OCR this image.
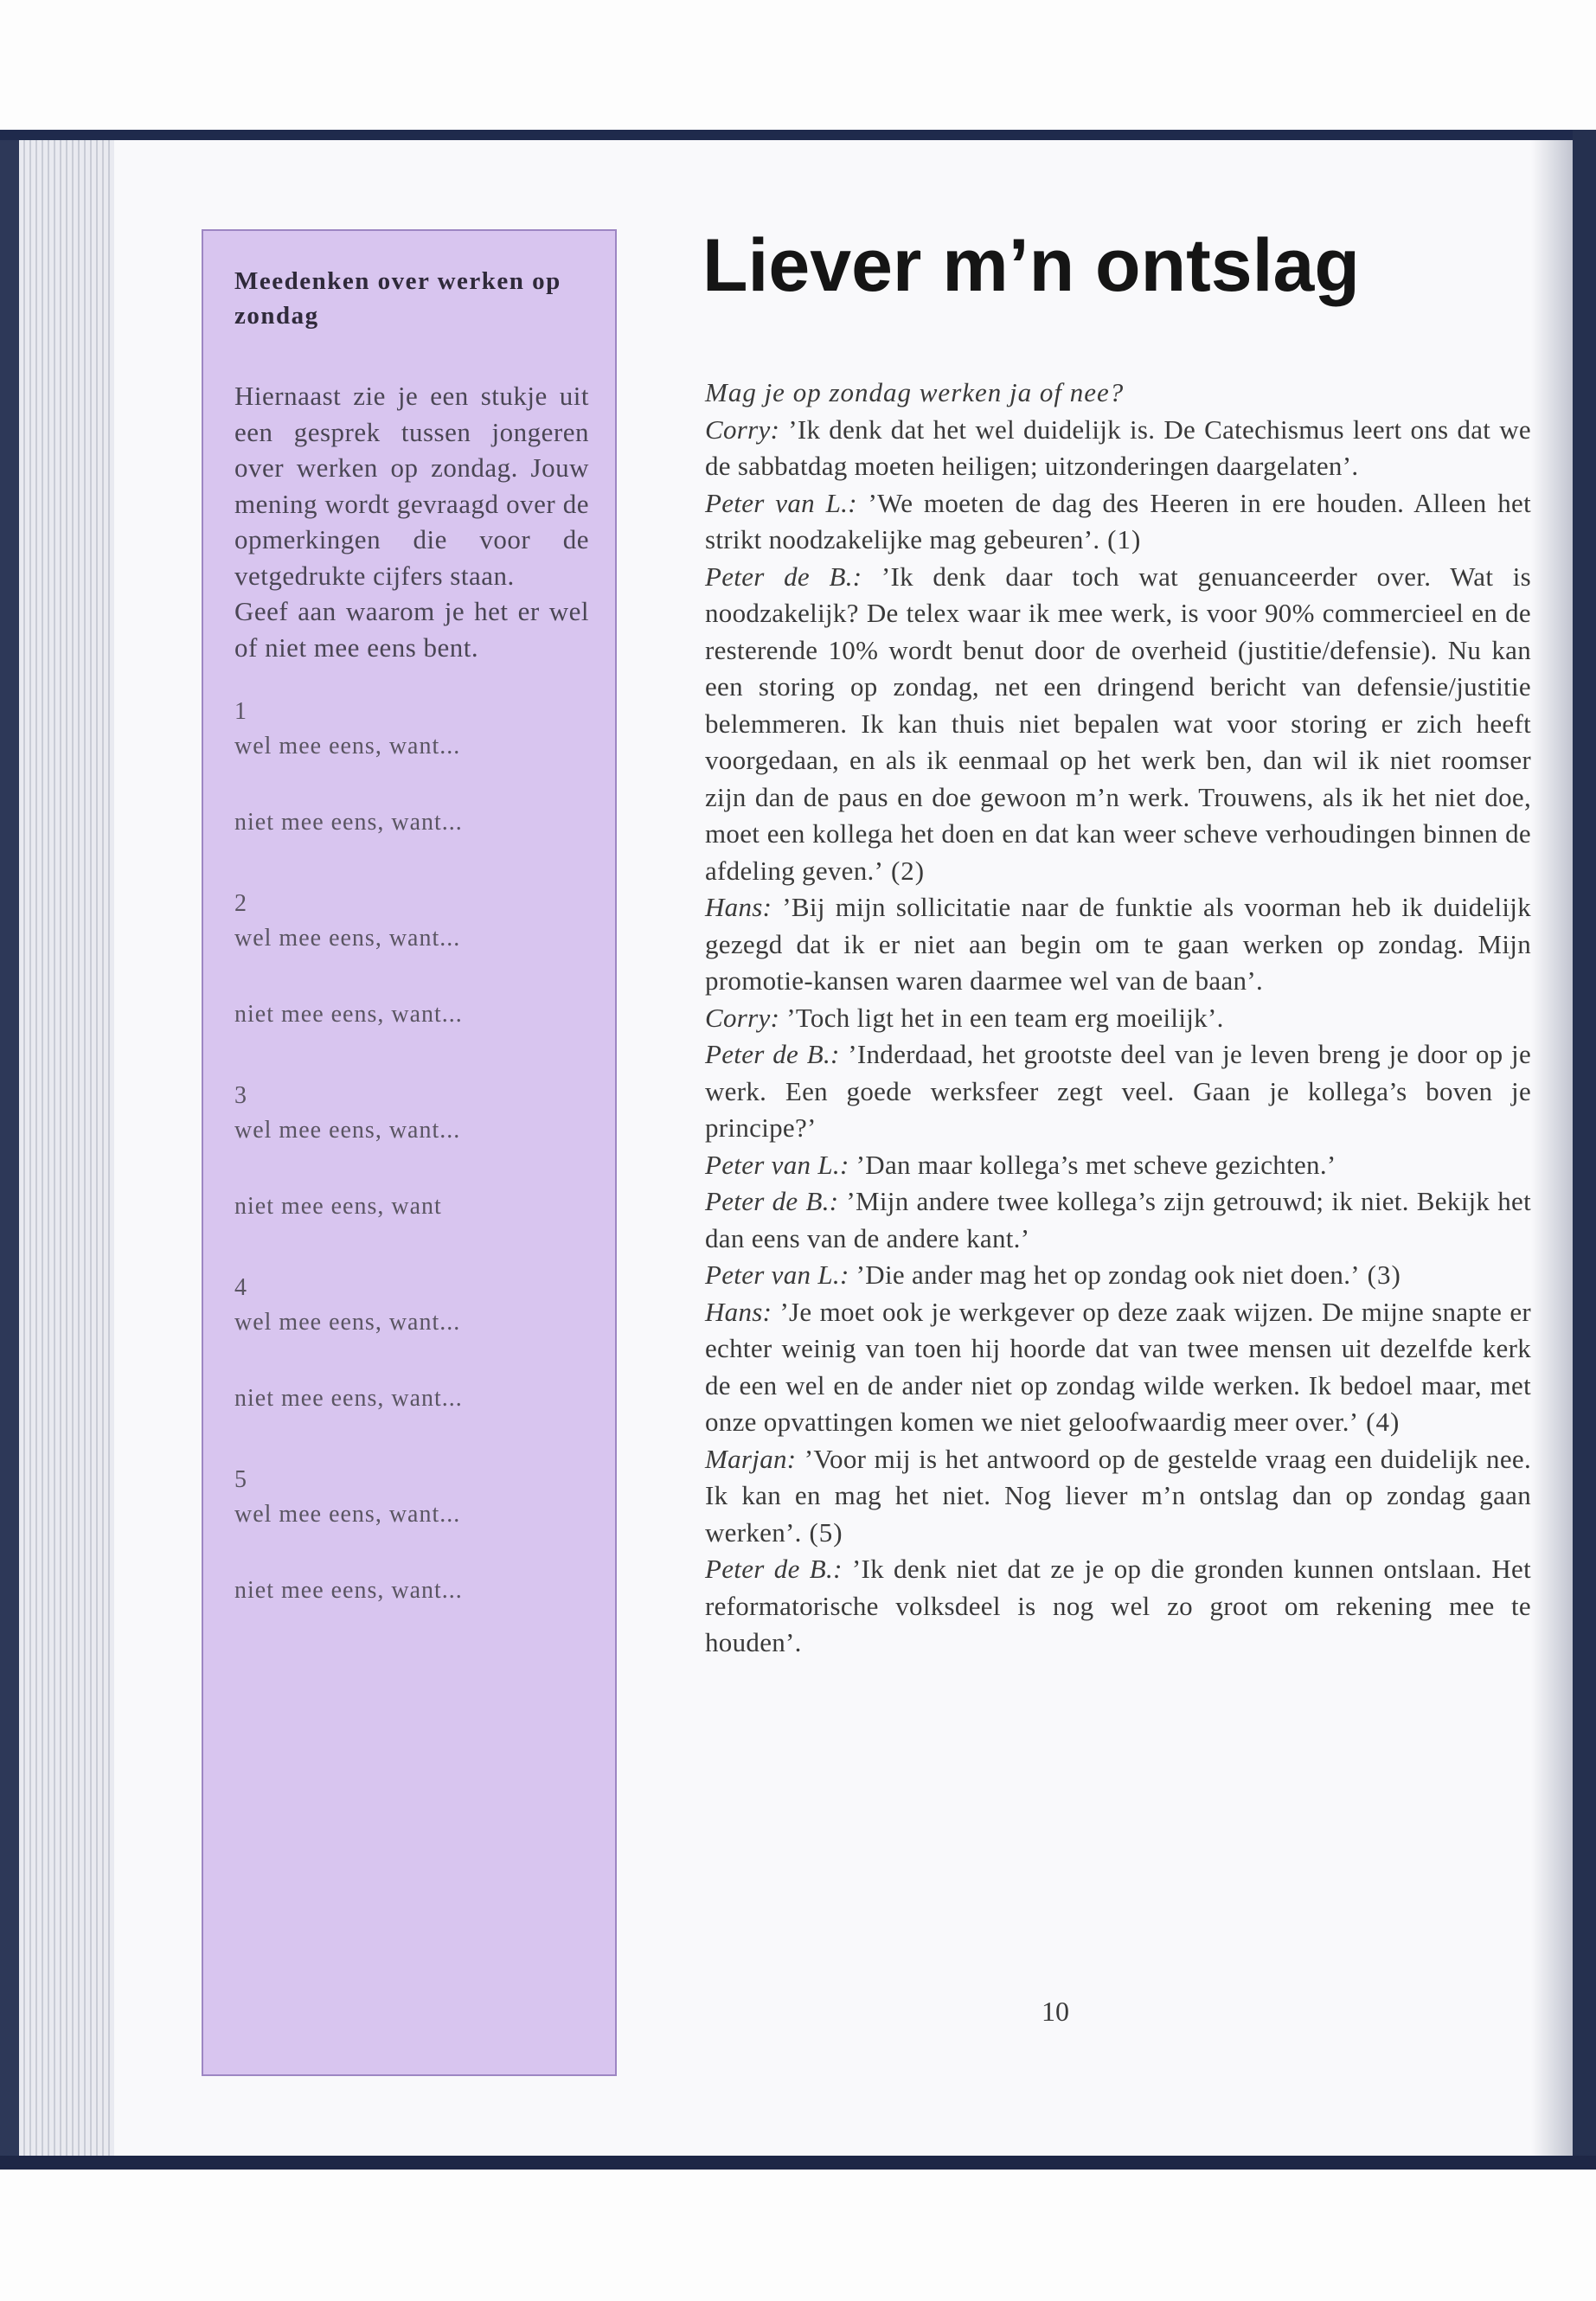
Meedenken over werken op zondag

Hiernaast zie je een stukje uit een gesprek tussen jongeren over werken op zondag. Jouw mening wordt gevraagd over de opmerkingen die voor de vetgedrukte cijfers staan.

Geef aan waarom je het er wel of niet mee eens bent.

1
wel mee eens, want...
niet mee eens, want...
2
wel mee eens, want...
niet mee eens, want...
3
wel mee eens, want...
niet mee eens, want
4
wel mee eens, want...
niet mee eens, want...
5
wel mee eens, want...
niet mee eens, want...
Liever m’n ontslag

Mag je op zondag werken ja of nee?

Corry: ’Ik denk dat het wel duidelijk is. De Catechismus leert ons dat we de sabbatdag moeten heiligen; uitzonderingen daargelaten’.

Peter van L.: ’We moeten de dag des Heeren in ere houden. Alleen het strikt noodzakelijke mag gebeuren’. (1)

Peter de B.: ’Ik denk daar toch wat genuanceerder over. Wat is noodzakelijk? De telex waar ik mee werk, is voor 90% commercieel en de resterende 10% wordt benut door de overheid (justitie/defensie). Nu kan een storing op zondag, net een dringend bericht van defensie/justitie belemmeren. Ik kan thuis niet bepalen wat voor storing er zich heeft voorgedaan, en als ik eenmaal op het werk ben, dan wil ik niet roomser zijn dan de paus en doe gewoon m’n werk. Trouwens, als ik het niet doe, moet een kollega het doen en dat kan weer scheve verhoudingen binnen de afdeling geven.’ (2)

Hans: ’Bij mijn sollicitatie naar de funktie als voorman heb ik duidelijk gezegd dat ik er niet aan begin om te gaan werken op zondag. Mijn promotie-kansen waren daarmee wel van de baan’.

Corry: ’Toch ligt het in een team erg moeilijk’.

Peter de B.: ’Inderdaad, het grootste deel van je leven breng je door op je werk. Een goede werksfeer zegt veel. Gaan je kollega’s boven je principe?’

Peter van L.: ’Dan maar kollega’s met scheve gezichten.’

Peter de B.: ’Mijn andere twee kollega’s zijn getrouwd; ik niet. Bekijk het dan eens van de andere kant.’

Peter van L.: ’Die ander mag het op zondag ook niet doen.’ (3)

Hans: ’Je moet ook je werkgever op deze zaak wijzen. De mijne snapte er echter weinig van toen hij hoorde dat van twee mensen uit dezelfde kerk de een wel en de ander niet op zondag wilde werken. Ik bedoel maar, met onze opvattingen komen we niet geloofwaardig meer over.’ (4)

Marjan: ’Voor mij is het antwoord op de gestelde vraag een duidelijk nee. Ik kan en mag het niet. Nog liever m’n ontslag dan op zondag gaan werken’. (5)

Peter de B.: ’Ik denk niet dat ze je op die gronden kunnen ontslaan. Het reformatorische volksdeel is nog wel zo groot om rekening mee te houden’.

10
